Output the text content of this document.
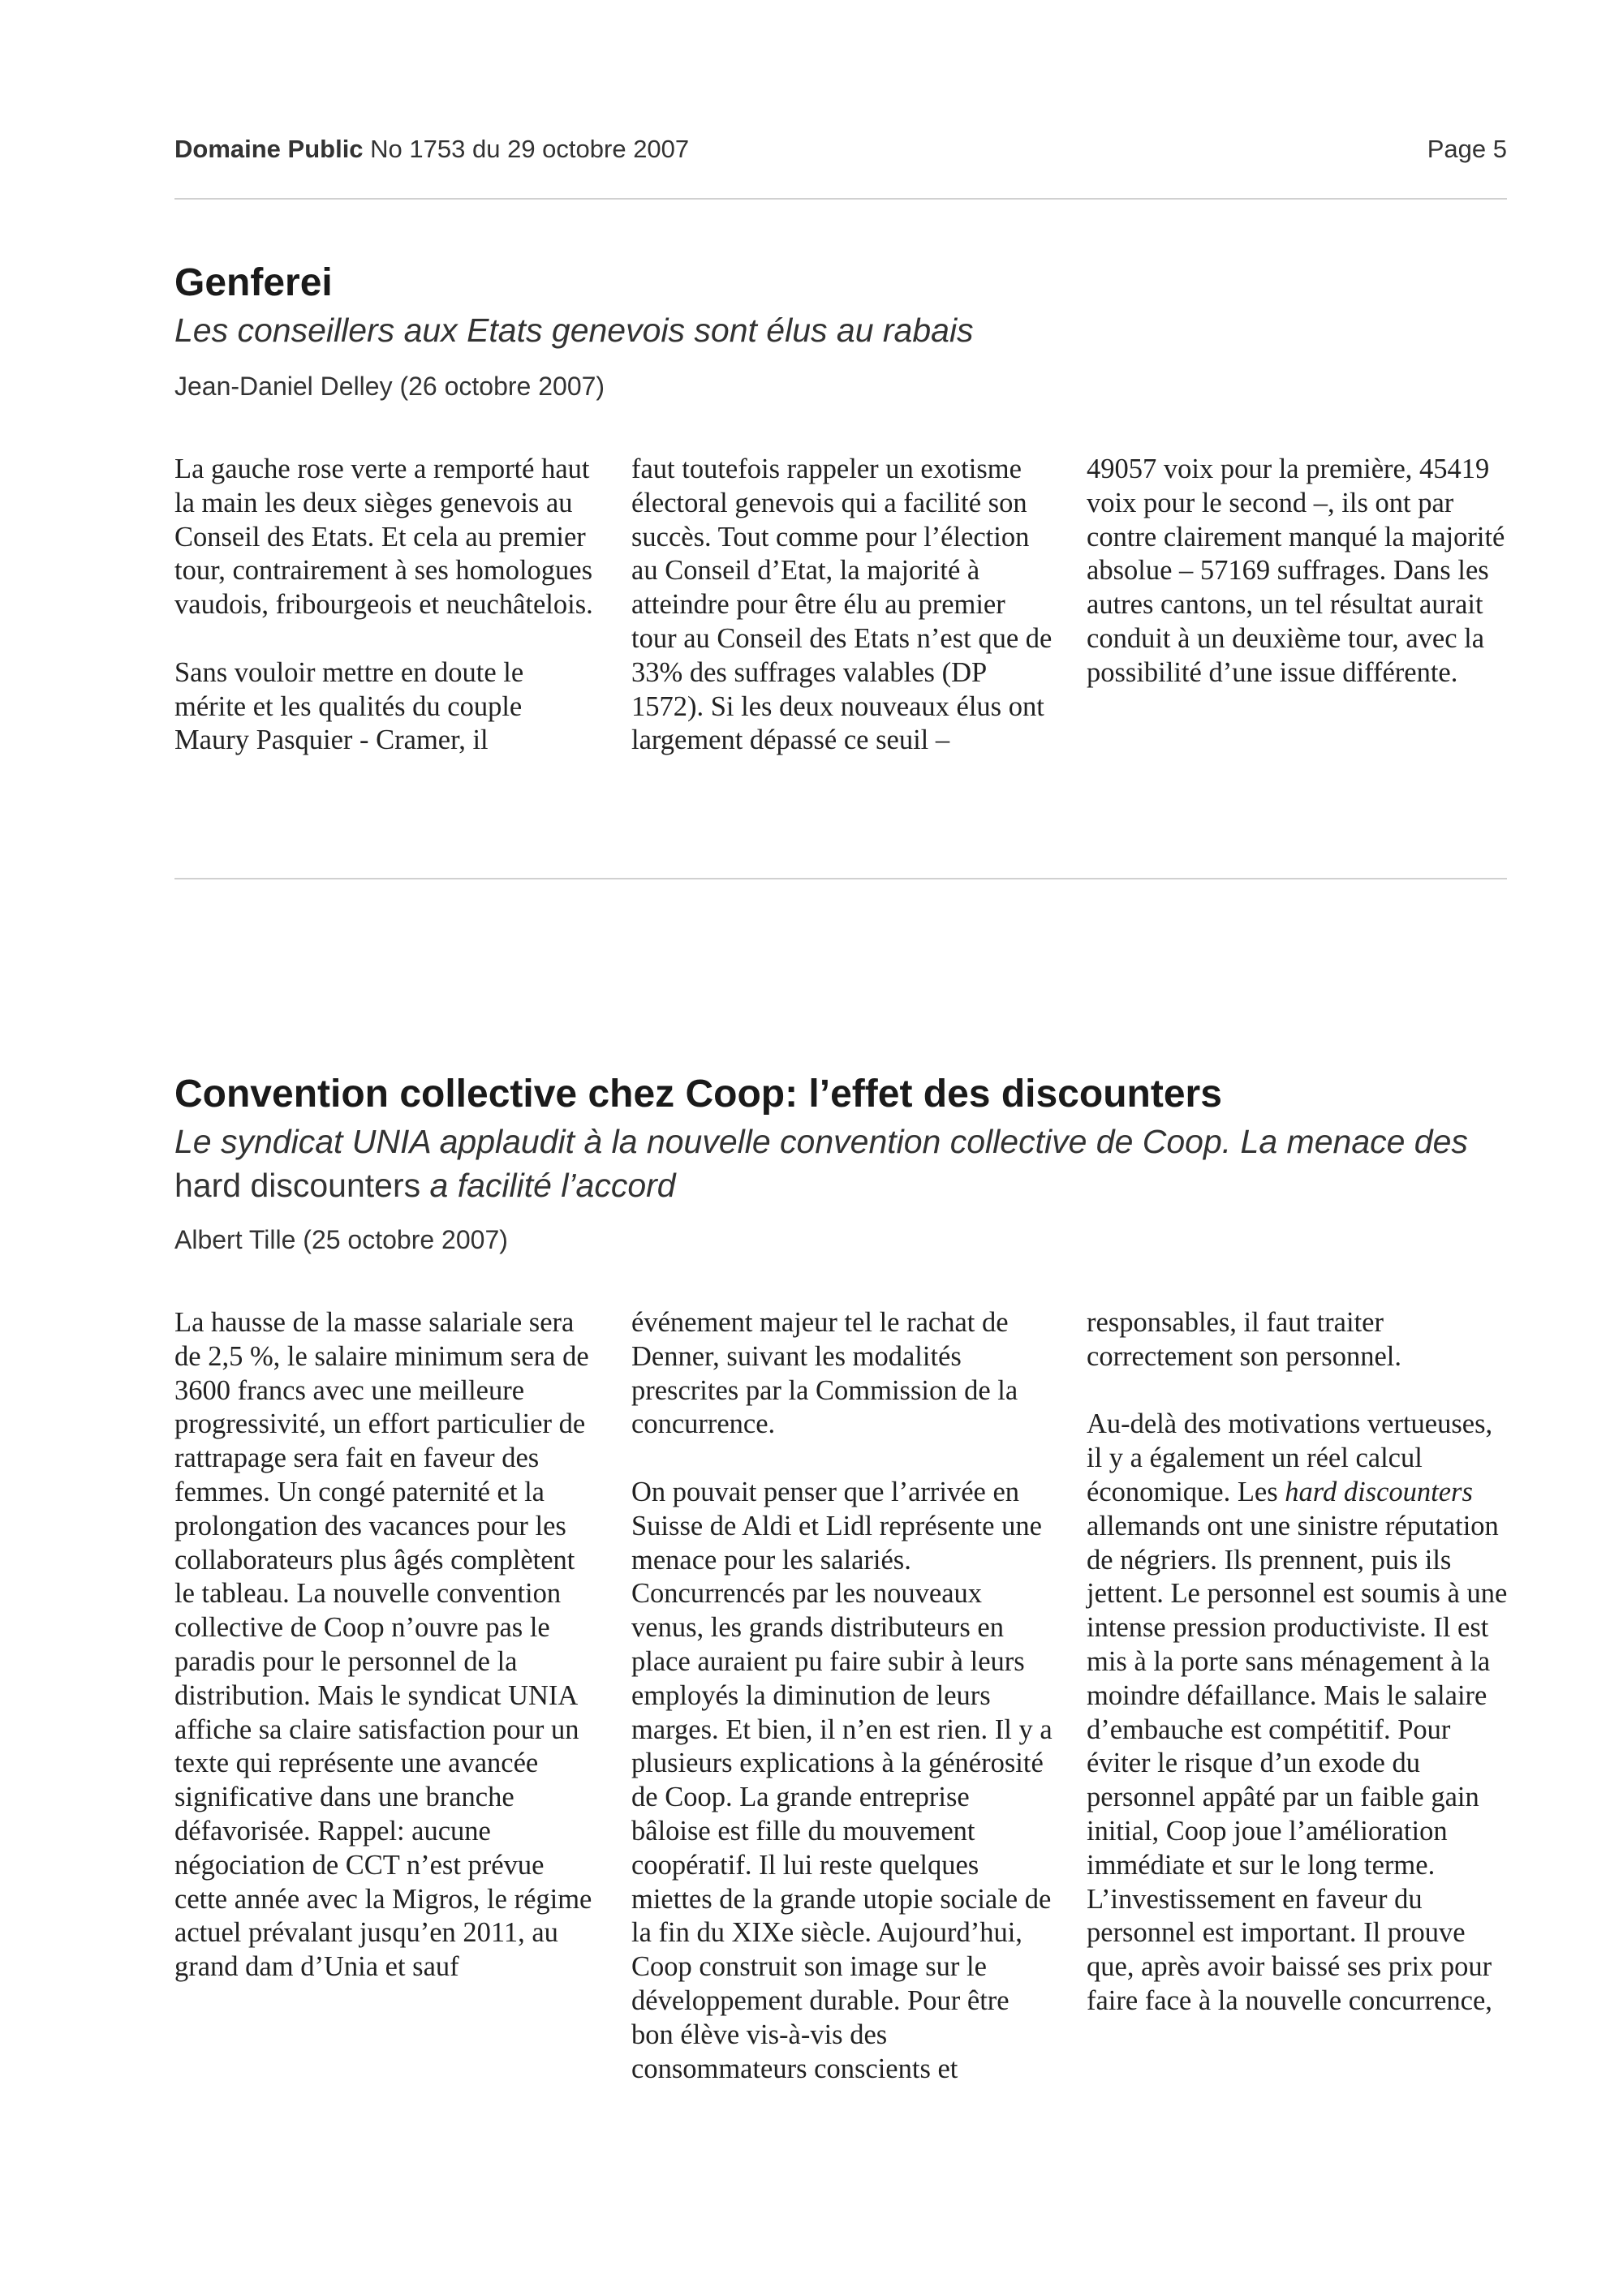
Domaine Public No 1753 du 29 octobre 2007	Page 5
Genferei

Les conseillers aux Etats genevois sont élus au rabais

Jean-Daniel Delley (26 octobre 2007)

La gauche rose verte a remporté haut la main les deux sièges genevois au Conseil des Etats. Et cela au premier tour, contrairement à ses homologues vaudois, fribourgeois et neuchâtelois.

Sans vouloir mettre en doute le mérite et les qualités du couple Maury Pasquier - Cramer, il

faut toutefois rappeler un exotisme électoral genevois qui a facilité son succès. Tout comme pour l’élection au Conseil d’Etat, la majorité à atteindre pour être élu au premier tour au Conseil des Etats n’est que de 33% des suffrages valables (DP 1572). Si les deux nouveaux élus ont largement dépassé ce seuil –

49057 voix pour la première, 45419 voix pour le second –, ils ont par contre clairement manqué la majorité absolue – 57169 suffrages. Dans les autres cantons, un tel résultat aurait conduit à un deuxième tour, avec la possibilité d’une issue différente.

Convention collective chez Coop: l’effet des discounters

Le syndicat UNIA applaudit à la nouvelle convention collective de Coop. La menace des hard discounters a facilité l’accord

Albert Tille (25 octobre 2007)

La hausse de la masse salariale sera de 2,5 %, le salaire minimum sera de 3600 francs avec une meilleure progressivité, un effort particulier de rattrapage sera fait en faveur des femmes. Un congé paternité et la prolongation des vacances pour les collaborateurs plus âgés complètent le tableau. La nouvelle convention collective de Coop n’ouvre pas le paradis pour le personnel de la distribution. Mais le syndicat UNIA affiche sa claire satisfaction pour un texte qui représente une avancée significative dans une branche défavorisée. Rappel: aucune négociation de CCT n’est prévue cette année avec la Migros, le régime actuel prévalant jusqu’en 2011, au grand dam d’Unia et sauf

événement majeur tel le rachat de Denner, suivant les modalités prescrites par la Commission de la concurrence.

On pouvait penser que l’arrivée en Suisse de Aldi et Lidl représente une menace pour les salariés. Concurrencés par les nouveaux venus, les grands distributeurs en place auraient pu faire subir à leurs employés la diminution de leurs marges. Et bien, il n’en est rien. Il y a plusieurs explications à la générosité de Coop. La grande entreprise bâloise est fille du mouvement coopératif. Il lui reste quelques miettes de la grande utopie sociale de la fin du XIXe siècle. Aujourd’hui, Coop construit son image sur le développement durable. Pour être bon élève vis-à-vis des consommateurs conscients et

responsables, il faut traiter correctement son personnel.

Au-delà des motivations vertueuses, il y a également un réel calcul économique. Les hard discounters allemands ont une sinistre réputation de négriers. Ils prennent, puis ils jettent. Le personnel est soumis à une intense pression productiviste. Il est mis à la porte sans ménagement à la moindre défaillance. Mais le salaire d’embauche est compétitif. Pour éviter le risque d’un exode du personnel appâté par un faible gain initial, Coop joue l’amélioration immédiate et sur le long terme. L’investissement en faveur du personnel est important. Il prouve que, après avoir baissé ses prix pour faire face à la nouvelle concurrence,
